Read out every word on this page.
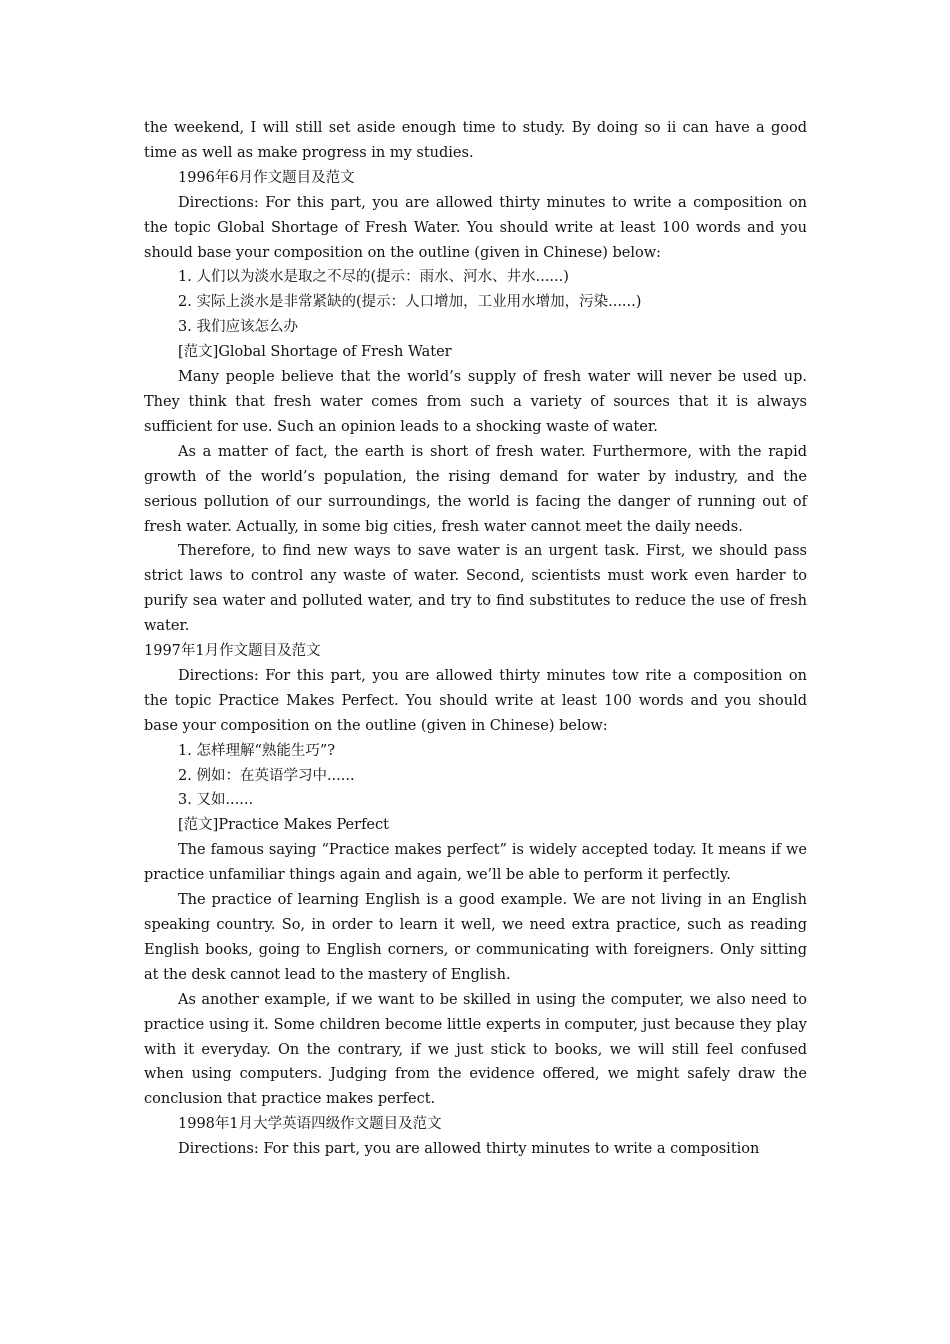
the weekend, I will still set aside enough time to study. By doing so ii can have a good time as well as make progress in my studies.

1996年6月作文题目及范文

Directions: For this part, you are allowed thirty minutes to write a composition on the topic Global Shortage of Fresh Water. You should write at least 100 words and you should base your composition on the outline (given in Chinese) below:

1. 人们以为淡水是取之不尽的(提示：雨水、河水、井水......)

2. 实际上淡水是非常紧缺的(提示：人口增加，工业用水增加，污染......)

3. 我们应该怎么办

[范文]Global Shortage of Fresh Water

Many people believe that the world’s supply of fresh water will never be used up. They think that fresh water comes from such a variety of sources that it is always sufficient for use. Such an opinion leads to a shocking waste of water.

As a matter of fact, the earth is short of fresh water. Furthermore, with the rapid growth of the world’s population, the rising demand for water by industry, and the serious pollution of our surroundings, the world is facing the danger of running out of fresh water. Actually, in some big cities, fresh water cannot meet the daily needs.

Therefore, to find new ways to save water is an urgent task. First, we should pass strict laws to control any waste of water. Second, scientists must work even harder to purify sea water and polluted water, and try to find substitutes to reduce the use of fresh water.

1997年1月作文题目及范文

Directions: For this part, you are allowed thirty minutes tow rite a composition on the topic Practice Makes Perfect. You should write at least 100 words and you should base your composition on the outline (given in Chinese) below:

1. 怎样理解“熟能生巧”?

2. 例如：在英语学习中......

3. 又如......

[范文]Practice Makes Perfect

The famous saying “Practice makes perfect” is widely accepted today. It means if we practice unfamiliar things again and again, we’ll be able to perform it perfectly.

The practice of learning English is a good example. We are not living in an English speaking country. So, in order to learn it well, we need extra practice, such as reading English books, going to English corners, or communicating with foreigners. Only sitting at the desk cannot lead to the mastery of English.

As another example, if we want to be skilled in using the computer, we also need to practice using it. Some children become little experts in computer, just because they play with it everyday. On the contrary, if we just stick to books, we will still feel confused when using computers. Judging from the evidence offered, we might safely draw the conclusion that practice makes perfect.

1998年1月大学英语四级作文题目及范文

Directions: For this part, you are allowed thirty minutes to write a composition
